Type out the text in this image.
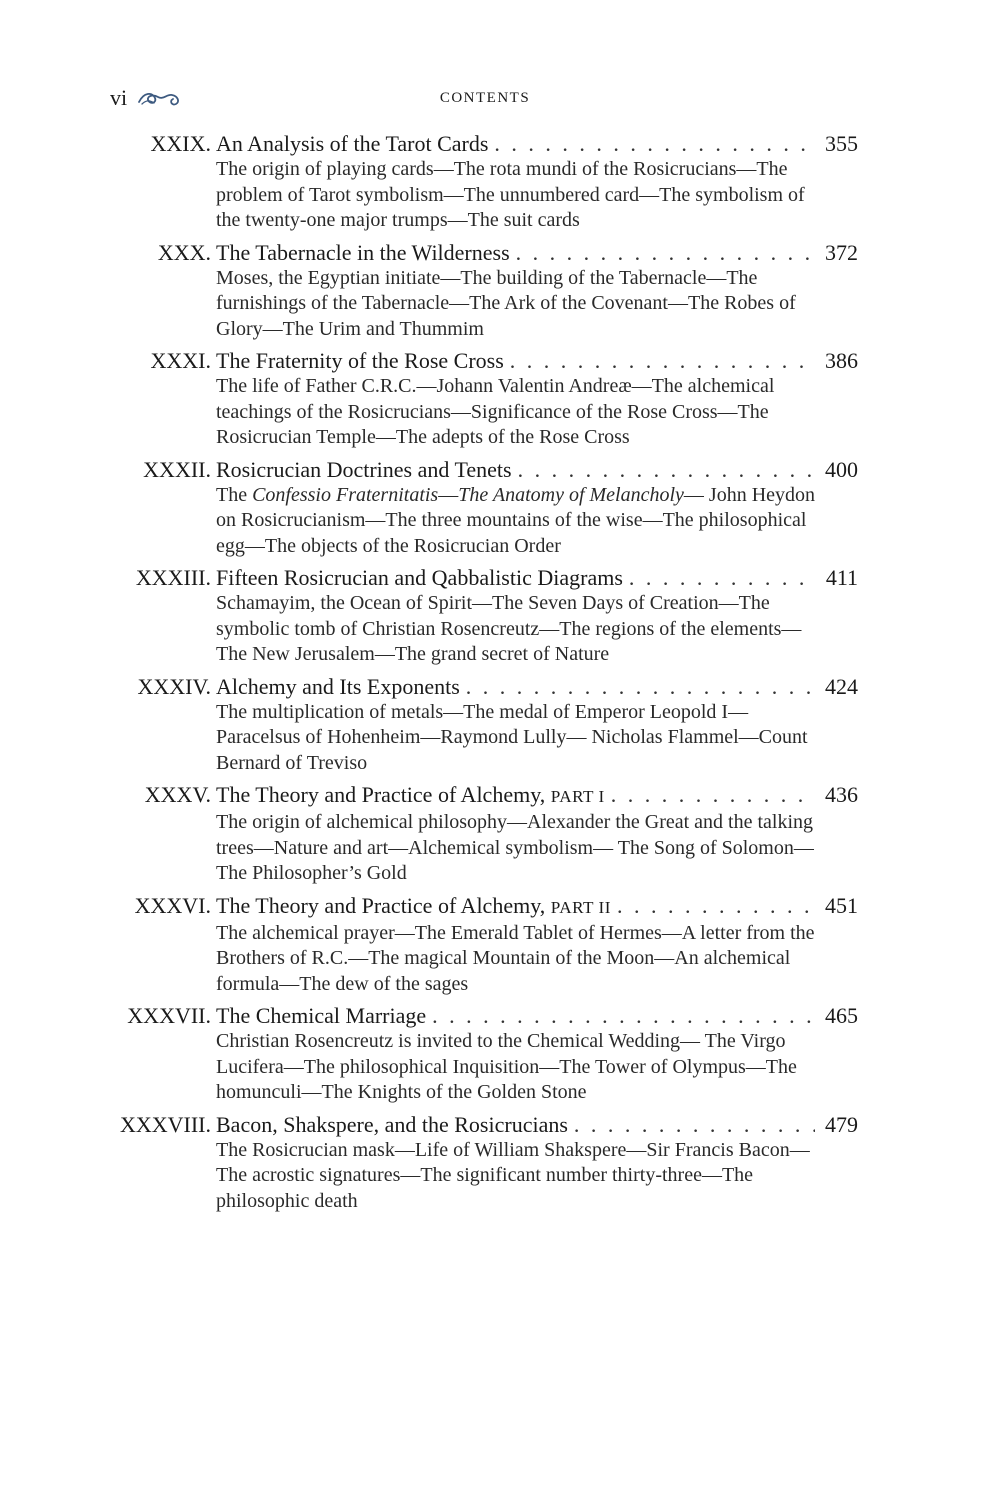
vi	CONTENTS
XXIX. An Analysis of the Tarot Cards . . .	355
The origin of playing cards—The rota mundi of the Rosicrucians—The problem of Tarot symbolism—The unnumbered card—The symbolism of the twenty-one major trumps—The suit cards
XXX. The Tabernacle in the Wilderness . . .	372
Moses, the Egyptian initiate—The building of the Tabernacle—The furnishings of the Tabernacle—The Ark of the Covenant—The Robes of Glory—The Urim and Thummim
XXXI. The Fraternity of the Rose Cross . . .	386
The life of Father C.R.C.—Johann Valentin Andreæ—The alchemical teachings of the Rosicrucians—Significance of the Rose Cross—The Rosicrucian Temple—The adepts of the Rose Cross
XXXII. Rosicrucian Doctrines and Tenets . . .	400
The Confessio Fraternitatis—The Anatomy of Melancholy— John Heydon on Rosicrucianism—The three mountains of the wise—The philosophical egg—The objects of the Rosicrucian Order
XXXIII. Fifteen Rosicrucian and Qabbalistic Diagrams . . .	411
Schamayim, the Ocean of Spirit—The Seven Days of Creation—The symbolic tomb of Christian Rosencreutz—The regions of the elements—The New Jerusalem—The grand secret of Nature
XXXIV. Alchemy and Its Exponents . . .	424
The multiplication of metals—The medal of Emperor Leopold I—Paracelsus of Hohenheim—Raymond Lully— Nicholas Flammel—Count Bernard of Treviso
XXXV. The Theory and Practice of Alchemy, PART I . . .	436
The origin of alchemical philosophy—Alexander the Great and the talking trees—Nature and art—Alchemical symbolism— The Song of Solomon—The Philosopher’s Gold
XXXVI. The Theory and Practice of Alchemy, PART II . . .	451
The alchemical prayer—The Emerald Tablet of Hermes—A letter from the Brothers of R.C.—The magical Mountain of the Moon—An alchemical formula—The dew of the sages
XXXVII. The Chemical Marriage . . .	465
Christian Rosencreutz is invited to the Chemical Wedding— The Virgo Lucifera—The philosophical Inquisition—The Tower of Olympus—The homunculi—The Knights of the Golden Stone
XXXVIII. Bacon, Shakspere, and the Rosicrucians . . .	479
The Rosicrucian mask—Life of William Shakspere—Sir Francis Bacon—The acrostic signatures—The significant number thirty-three—The philosophic death
